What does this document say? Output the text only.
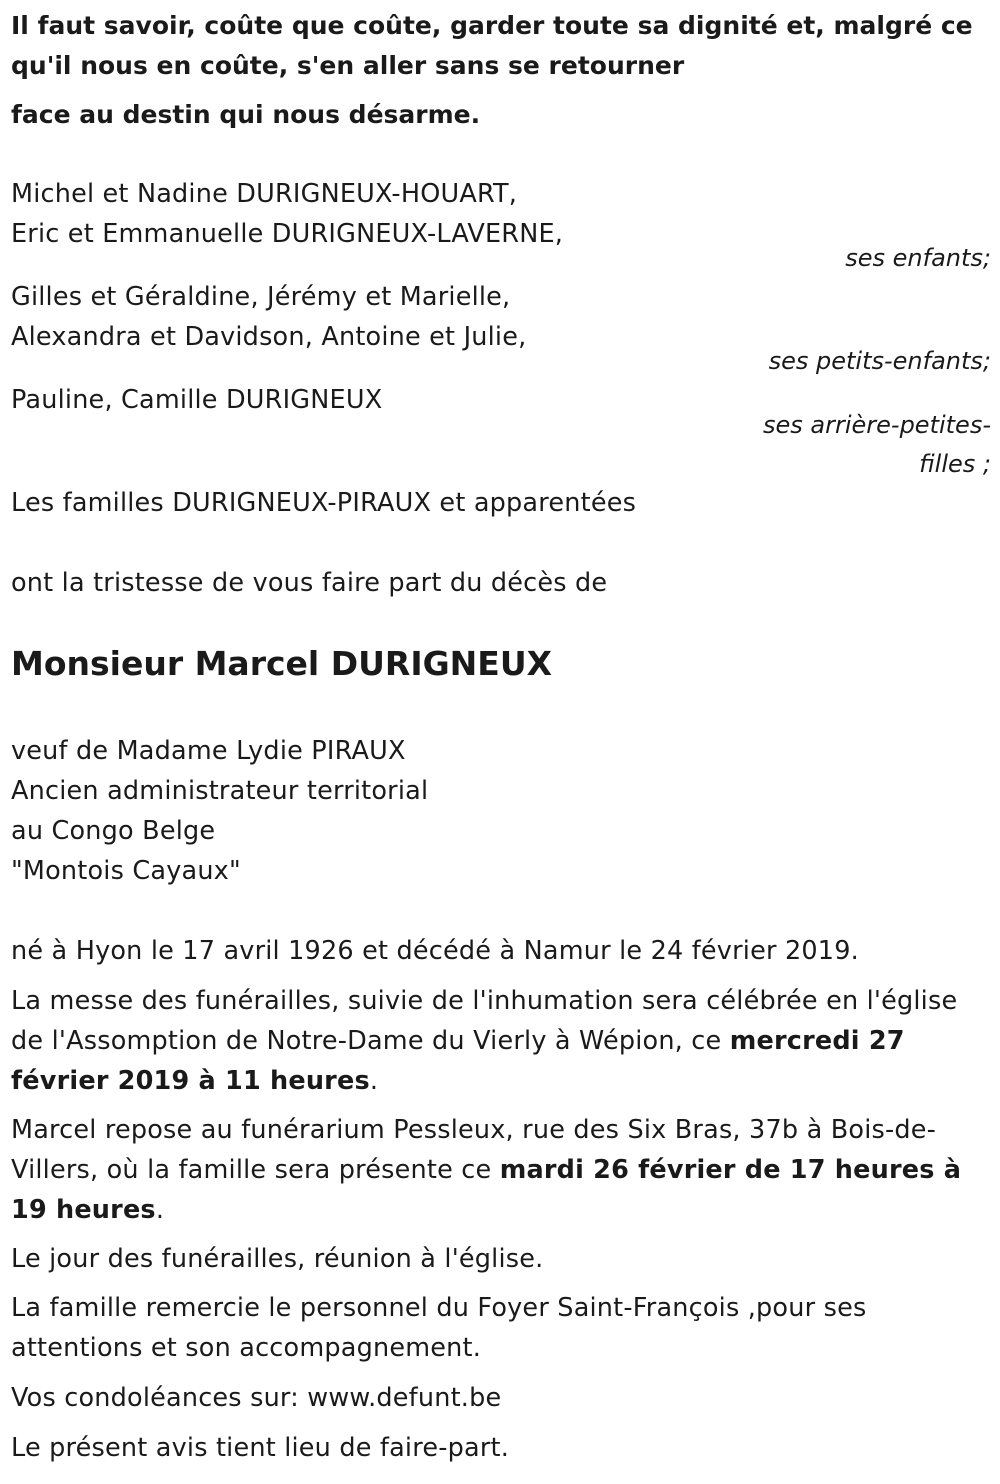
Il faut savoir, coûte que coûte, garder toute sa dignité et, malgré ce
qu'il nous en coûte, s'en aller sans se retourner
face au destin qui nous désarme.
Michel et Nadine DURIGNEUX-HOUART,
Eric et Emmanuelle DURIGNEUX-LAVERNE,
ses enfants;
Gilles et Géraldine, Jérémy et Marielle,
Alexandra et Davidson, Antoine et Julie,
ses petits-enfants;
Pauline, Camille DURIGNEUX
ses arrière-petites-
filles ;
Les familles DURIGNEUX-PIRAUX et apparentées
ont la tristesse de vous faire part du décès de
Monsieur Marcel DURIGNEUX
veuf de Madame Lydie PIRAUX
Ancien administrateur territorial
au Congo Belge
"Montois Cayaux"
né à Hyon le 17 avril 1926 et décédé à Namur le 24 février 2019.
La messe des funérailles, suivie de l'inhumation sera célébrée en l'église de l'Assomption de Notre-Dame du Vierly à Wépion, ce mercredi 27 février 2019 à 11 heures.
Marcel repose au funérarium Pessleux, rue des Six Bras, 37b à Bois-de-Villers, où la famille sera présente ce mardi 26 février de 17 heures à 19 heures.
Le jour des funérailles, réunion à l'église.
La famille remercie le personnel du Foyer Saint-François ,pour ses attentions et son accompagnement.
Vos condoléances sur: www.defunt.be
Le présent avis tient lieu de faire-part.
